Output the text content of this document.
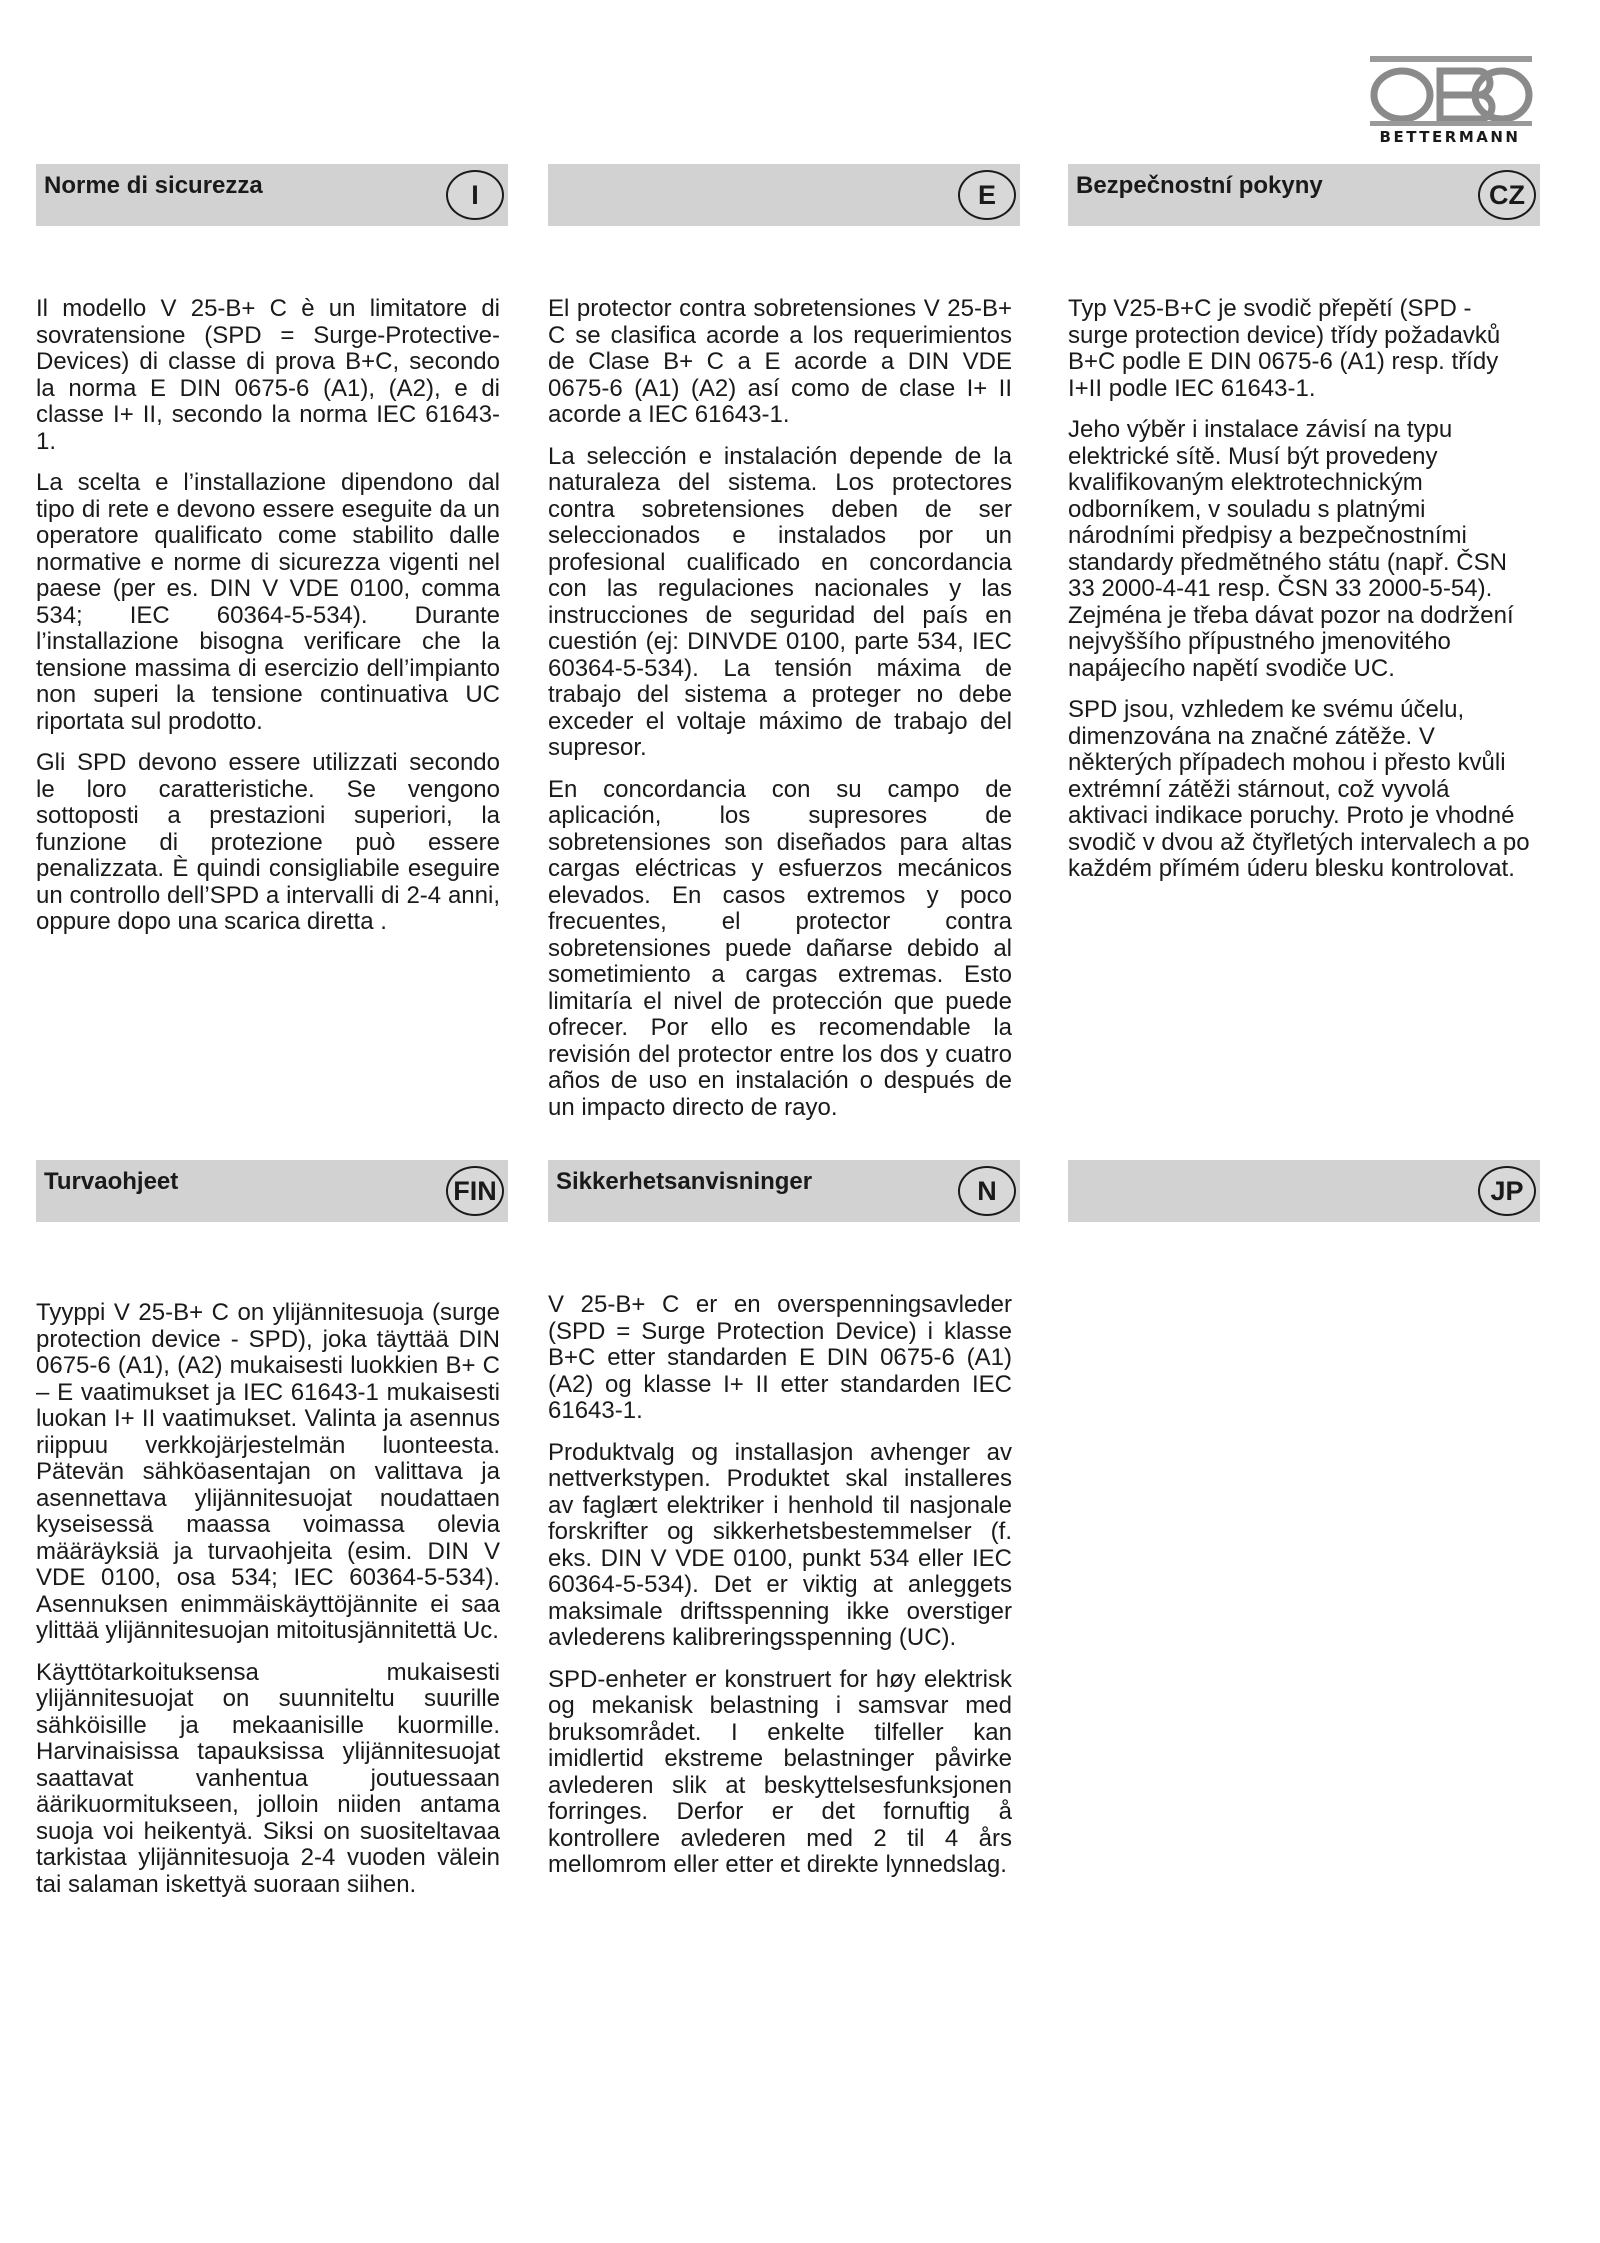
BETTERMANN
Norme di sicurezza	I

Il modello V 25-B+ C è un limitatore di sovratensione (SPD = Surge-Protective-Devices) di classe di prova B+C, secondo la norma E DIN 0675-6 (A1), (A2), e di classe I+ II, secondo la norma IEC 61643-1.

La scelta e l’installazione dipendono dal tipo di rete e devono essere eseguite da un operatore qualificato come stabilito dalle normative e norme di sicurezza vigenti nel paese (per es. DIN V VDE 0100, comma 534; IEC 60364-5-534). Durante l’installazione bisogna verificare che la tensione massima di esercizio dell’impianto non superi la tensione continuativa UC riportata sul prodotto.

Gli SPD devono essere utilizzati secondo le loro caratteristiche. Se vengono sottoposti a prestazioni superiori, la funzione di protezione può essere penalizzata. È quindi consigliabile eseguire un controllo dell’SPD a intervalli di 2-4 anni, oppure dopo una scarica diretta .

E

El protector contra sobretensiones V 25-B+ C se clasifica acorde a los requerimientos de Clase B+ C a E acorde a DIN VDE 0675-6 (A1) (A2) así como de clase I+ II acorde a IEC 61643-1.

La selección e instalación depende de la naturaleza del sistema. Los protectores contra sobretensiones deben de ser seleccionados e instalados por un profesional cualificado en concordancia con las regulaciones nacionales y las instrucciones de seguridad del país en cuestión (ej: DINVDE 0100, parte 534, IEC 60364-5-534). La tensión máxima de trabajo del sistema a proteger no debe exceder el voltaje máximo de trabajo del supresor.

En concordancia con su campo de aplicación, los supresores de sobretensiones son diseñados para altas cargas eléctricas y esfuerzos mecánicos elevados. En casos extremos y poco frecuentes, el protector contra sobretensiones puede dañarse debido al sometimiento a cargas extremas. Esto limitaría el nivel de protección que puede ofrecer. Por ello es recomendable la revisión del protector entre los dos y cuatro años de uso en instalación o después de un impacto directo de rayo.

Bezpečnostní pokyny	CZ

Typ V25-B+C je svodič přepětí (SPD - surge protection device) třídy požadavků B+C podle E DIN 0675-6 (A1) resp. třídy I+II podle IEC 61643-1.

Jeho výběr i instalace závisí na typu elektrické sítě. Musí být provedeny kvalifikovaným elektrotechnickým odborníkem, v souladu s platnými národními předpisy a bezpečnostními standardy předmětného státu (např. ČSN 33 2000-4-41 resp. ČSN 33 2000-5-54). Zejména je třeba dávat pozor na dodržení nejvyššího přípustného jmenovitého napájecího napětí svodiče UC.

SPD jsou, vzhledem ke svému účelu, dimenzována na značné zátěže. V některých případech mohou i přesto kvůli extrémní zátěži stárnout, což vyvolá aktivaci indikace poruchy. Proto je vhodné svodič v dvou až čtyřletých intervalech a po každém přímém úderu blesku kontrolovat.

Turvaohjeet	FIN

Tyyppi V 25-B+ C on ylijännitesuoja (surge protection device - SPD), joka täyttää DIN 0675-6 (A1), (A2) mukaisesti luokkien B+ C – E vaatimukset ja IEC 61643-1 mukaisesti luokan I+ II vaatimukset. Valinta ja asennus riippuu verkkojärjestelmän luonteesta. Pätevän sähköasentajan on valittava ja asennettava ylijännitesuojat noudattaen kyseisessä maassa voimassa olevia määräyksiä ja turvaohjeita (esim. DIN V VDE 0100, osa 534; IEC 60364-5-534). Asennuksen enimmäiskäyttöjännite ei saa ylittää ylijännitesuojan mitoitusjännitettä Uc.

Käyttötarkoituksensa mukaisesti ylijännitesuojat on suunniteltu suurille sähköisille ja mekaanisille kuormille. Harvinaisissa tapauksissa ylijännitesuojat saattavat vanhentua joutuessaan äärikuormitukseen, jolloin niiden antama suoja voi heikentyä. Siksi on suositeltavaa tarkistaa ylijännitesuoja 2-4 vuoden välein tai salaman iskettyä suoraan siihen.

Sikkerhetsanvisninger	N

V 25-B+ C er en overspenningsavleder (SPD = Surge Protection Device) i klasse B+C etter standarden E DIN 0675-6 (A1) (A2) og klasse I+ II etter standarden IEC 61643-1.

Produktvalg og installasjon avhenger av nettverkstypen. Produktet skal installeres av faglært elektriker i henhold til nasjonale forskrifter og sikkerhetsbestemmelser (f. eks. DIN V VDE 0100, punkt 534 eller IEC 60364-5-534). Det er viktig at anleggets maksimale driftsspenning ikke overstiger avlederens kalibreringsspenning (UC).

SPD-enheter er konstruert for høy elektrisk og mekanisk belastning i samsvar med bruksområdet. I enkelte tilfeller kan imidlertid ekstreme belastninger påvirke avlederen slik at beskyttelsesfunksjonen forringes. Derfor er det fornuftig å kontrollere avlederen med 2 til 4 års mellomrom eller etter et direkte lynnedslag.

JP
